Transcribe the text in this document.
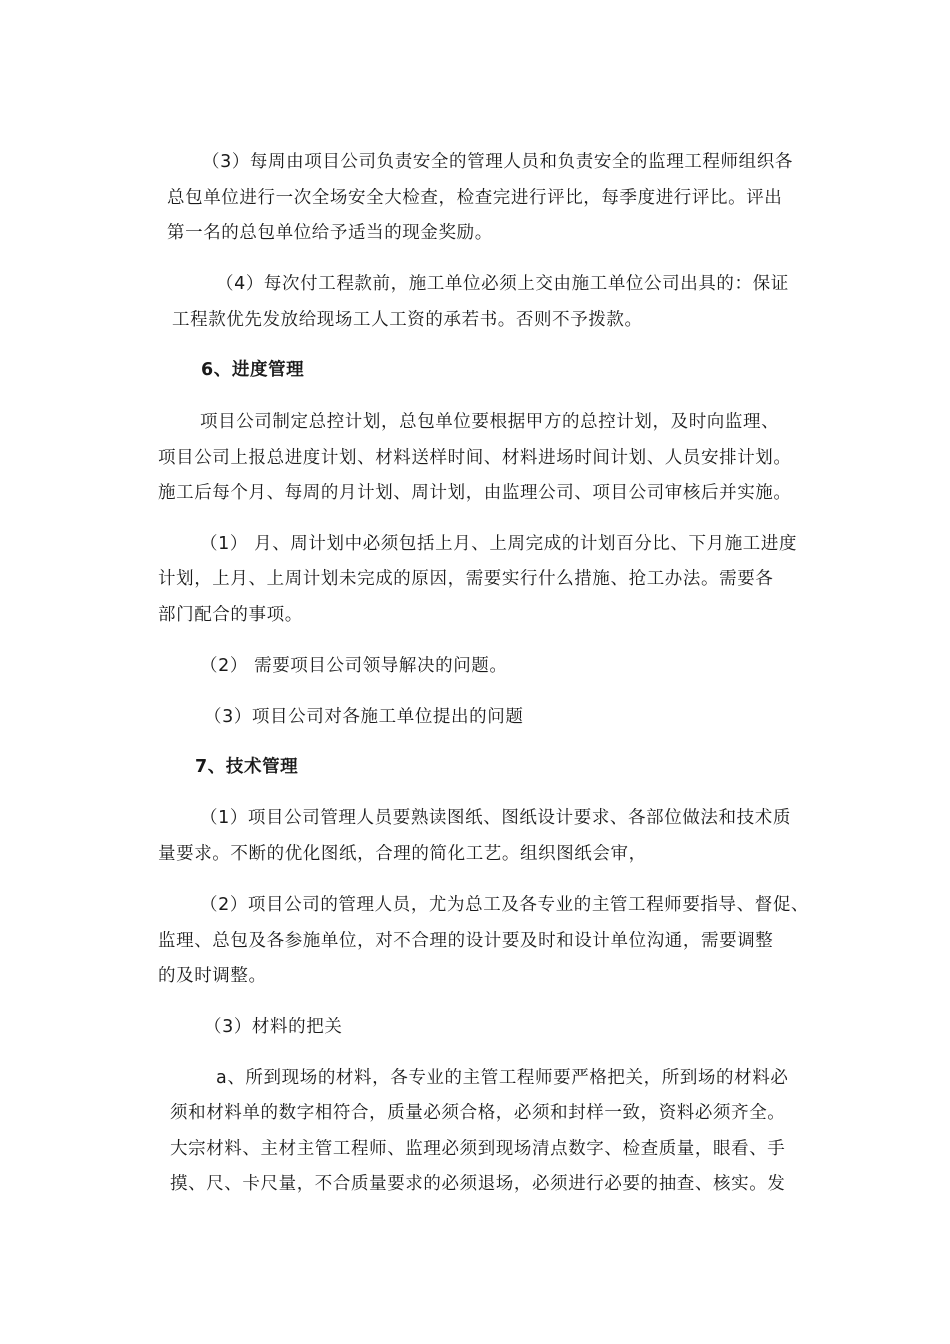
（3）每周由项目公司负责安全的管理人员和负责安全的监理工程师组织各
总包单位进行一次全场安全大检查，检查完进行评比，每季度进行评比。评出
第一名的总包单位给予适当的现金奖励。
（4）每次付工程款前，施工单位必须上交由施工单位公司出具的：保证
工程款优先发放给现场工人工资的承若书。否则不予拨款。
6、进度管理
项目公司制定总控计划，总包单位要根据甲方的总控计划，及时向监理、
项目公司上报总进度计划、材料送样时间、材料进场时间计划、人员安排计划。
施工后每个月、每周的月计划、周计划，由监理公司、项目公司审核后并实施。
（1） 月、周计划中必须包括上月、上周完成的计划百分比、下月施工进度
计划，上月、上周计划未完成的原因，需要实行什么措施、抢工办法。需要各
部门配合的事项。
（2） 需要项目公司领导解决的问题。
（3）项目公司对各施工单位提出的问题
7、技术管理
（1）项目公司管理人员要熟读图纸、图纸设计要求、各部位做法和技术质
量要求。不断的优化图纸，合理的简化工艺。组织图纸会审，
（2）项目公司的管理人员，尤为总工及各专业的主管工程师要指导、督促、
监理、总包及各参施单位，对不合理的设计要及时和设计单位沟通，需要调整
的及时调整。
（3）材料的把关
a、所到现场的材料，各专业的主管工程师要严格把关，所到场的材料必
须和材料单的数字相符合，质量必须合格，必须和封样一致，资料必须齐全。
大宗材料、主材主管工程师、监理必须到现场清点数字、检查质量，眼看、手
摸、尺、卡尺量，不合质量要求的必须退场，必须进行必要的抽查、核实。发
